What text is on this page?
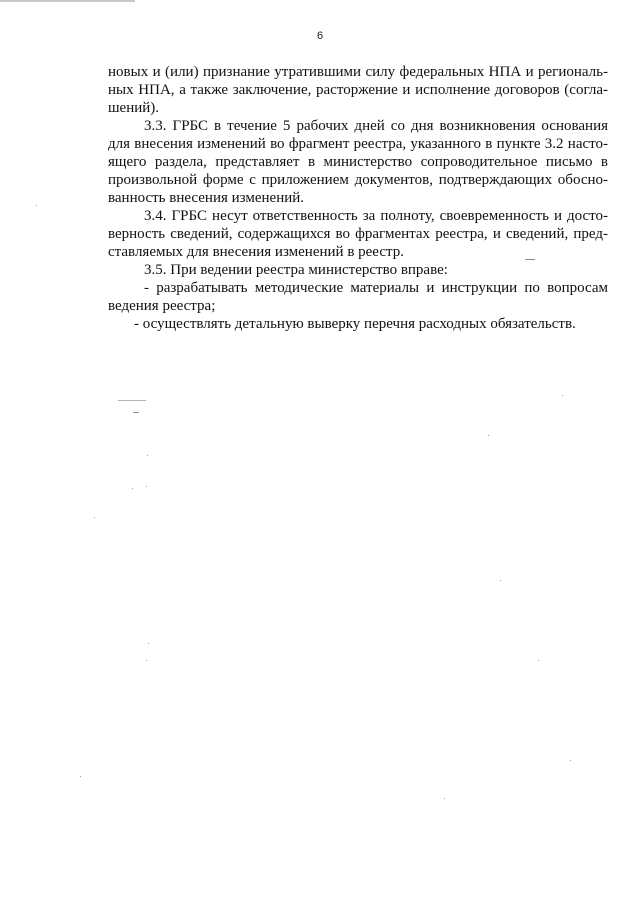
6
новых и (или) признание утратившими силу федеральных НПА и региональ-
ных НПА, а также заключение, расторжение и исполнение договоров (согла-
шений).
3.3. ГРБС в течение 5 рабочих дней со дня возникновения основания
для внесения изменений во фрагмент реестра, указанного в пункте 3.2 насто-
ящего раздела, представляет в министерство сопроводительное письмо в
произвольной форме с приложением документов, подтверждающих обосно-
ванность внесения изменений.
3.4. ГРБС несут ответственность за полноту, своевременность и досто-
верность сведений, содержащихся во фрагментах реестра, и сведений, пред-
ставляемых для внесения изменений в реестр.
3.5. При ведении реестра министерство вправе:
- разрабатывать методические материалы и инструкции по вопросам
ведения реестра;
- осуществлять детальную выверку перечня расходных обязательств.
